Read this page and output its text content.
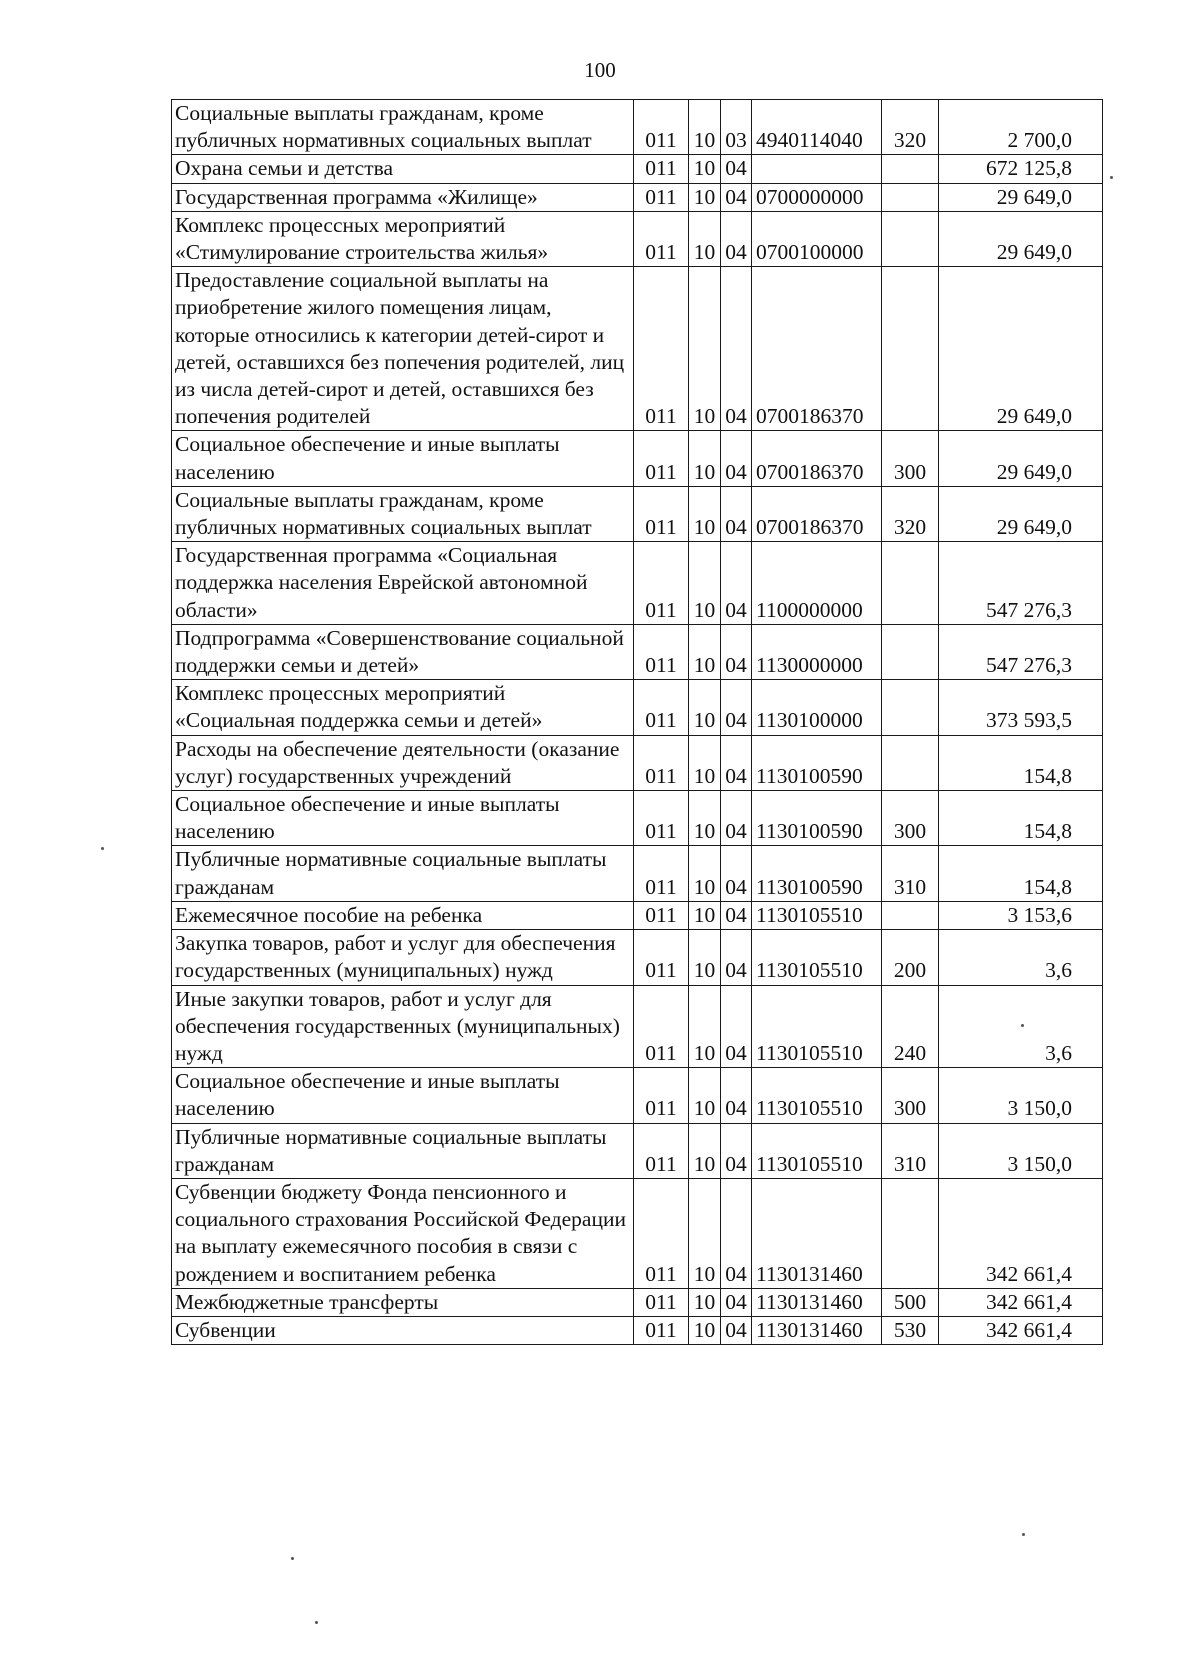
100
Социальные выплаты гражданам, кроме публичных нормативных социальных выплат	011	10	03	4940114040	320	2 700,0
Охрана семьи и детства	011	10	04			672 125,8
Государственная программа «Жилище»	011	10	04	0700000000		29 649,0
Комплекс процессных мероприятий «Стимулирование строительства жилья»	011	10	04	0700100000		29 649,0
Предоставление социальной выплаты на приобретение жилого помещения лицам, которые относились к категории детей-сирот и детей, оставшихся без попечения родителей, лиц из числа детей-сирот и детей, оставшихся без попечения родителей	011	10	04	0700186370		29 649,0
Социальное обеспечение и иные выплаты населению	011	10	04	0700186370	300	29 649,0
Социальные выплаты гражданам, кроме публичных нормативных социальных выплат	011	10	04	0700186370	320	29 649,0
Государственная программа «Социальная поддержка населения Еврейской автономной области»	011	10	04	1100000000		547 276,3
Подпрограмма «Совершенствование социальной поддержки семьи и детей»	011	10	04	1130000000		547 276,3
Комплекс процессных мероприятий «Социальная поддержка семьи и детей»	011	10	04	1130100000		373 593,5
Расходы на обеспечение деятельности (оказание услуг) государственных учреждений	011	10	04	1130100590		154,8
Социальное обеспечение и иные выплаты населению	011	10	04	1130100590	300	154,8
Публичные нормативные социальные выплаты гражданам	011	10	04	1130100590	310	154,8
Ежемесячное пособие на ребенка	011	10	04	1130105510		3 153,6
Закупка товаров, работ и услуг для обеспечения государственных (муниципальных) нужд	011	10	04	1130105510	200	3,6
Иные закупки товаров, работ и услуг для обеспечения государственных (муниципальных) нужд	011	10	04	1130105510	240	3,6
Социальное обеспечение и иные выплаты населению	011	10	04	1130105510	300	3 150,0
Публичные нормативные социальные выплаты гражданам	011	10	04	1130105510	310	3 150,0
Субвенции бюджету Фонда пенсионного и социального страхования Российской Федерации на выплату ежемесячного пособия в связи с рождением и воспитанием ребенка	011	10	04	1130131460		342 661,4
Межбюджетные трансферты	011	10	04	1130131460	500	342 661,4
Субвенции	011	10	04	1130131460	530	342 661,4
